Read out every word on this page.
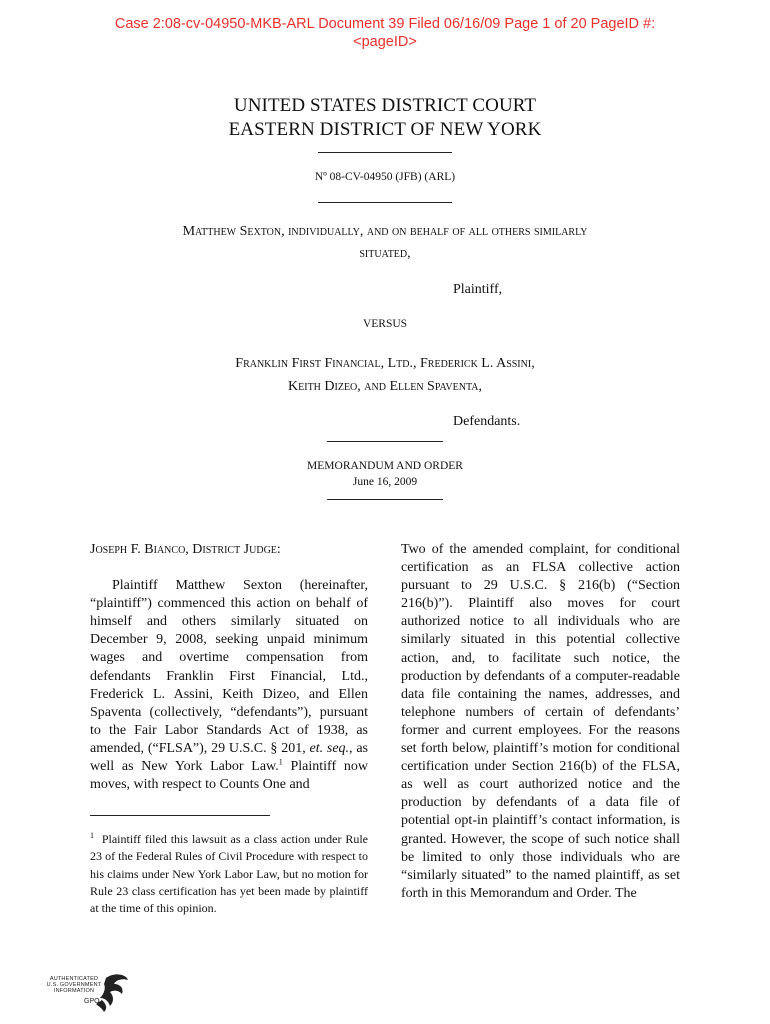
Case 2:08-cv-04950-MKB-ARL Document 39 Filed 06/16/09 Page 1 of 20 PageID #:
<pageID>
UNITED STATES DISTRICT COURT
EASTERN DISTRICT OF NEW YORK
Nº 08-CV-04950 (JFB) (ARL)
Matthew Sexton, individually, and on behalf of all others similarly
situated,
Plaintiff,
VERSUS
Franklin First Financial, Ltd., Frederick L. Assini,
Keith Dizeo, and Ellen Spaventa,
Defendants.
MEMORANDUM AND ORDER
June 16, 2009

Joseph F. Bianco, District Judge:

Plaintiff Matthew Sexton (hereinafter, “plaintiff”) commenced this action on behalf of himself and others similarly situated on December 9, 2008, seeking unpaid minimum wages and overtime compensation from defendants Franklin First Financial, Ltd., Frederick L. Assini, Keith Dizeo, and Ellen Spaventa (collectively, “defendants”), pursuant to the Fair Labor Standards Act of 1938, as amended, (“FLSA”), 29 U.S.C. § 201, et. seq., as well as New York Labor Law.$^1$ Plaintiff now moves, with respect to Counts One and

$^1$ Plaintiff filed this lawsuit as a class action under Rule 23 of the Federal Rules of Civil Procedure with respect to his claims under New York Labor Law, but no motion for Rule 23 class certification has yet been made by plaintiff at the time of this opinion.

Two of the amended complaint, for conditional certification as an FLSA collective action pursuant to 29 U.S.C. § 216(b) (“Section 216(b)”). Plaintiff also moves for court authorized notice to all individuals who are similarly situated in this potential collective action, and, to facilitate such notice, the production by defendants of a computer-readable data file containing the names, addresses, and telephone numbers of certain of defendants’ former and current employees. For the reasons set forth below, plaintiff’s motion for conditional certification under Section 216(b) of the FLSA, as well as court authorized notice and the production by defendants of a data file of potential opt-in plaintiff’s contact information, is granted. However, the scope of such notice shall be limited to only those individuals who are “similarly situated” to the named plaintiff, as set forth in this Memorandum and Order. The

AUTHENTICATED
U.S. GOVERNMENT
INFORMATION
GPO
